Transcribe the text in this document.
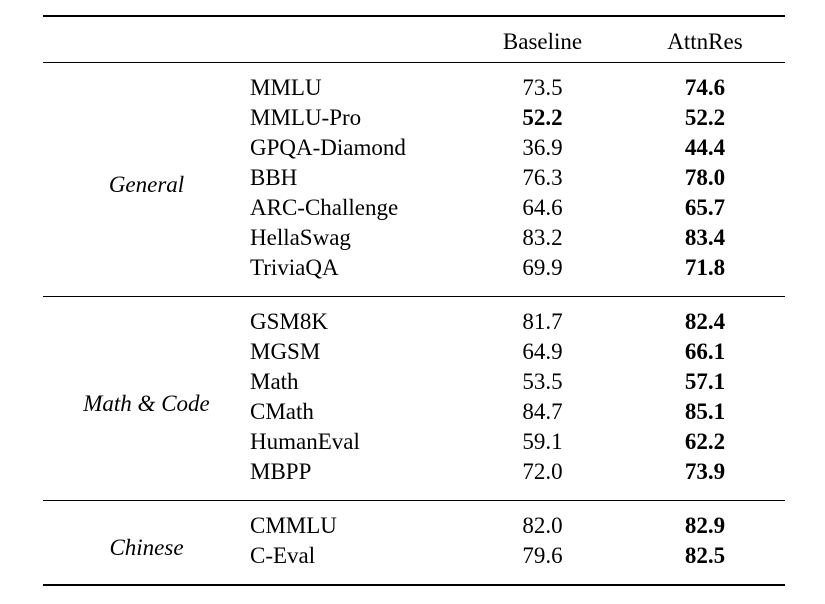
		Baseline	AttnRes
General	MMLU	73.5	74.6
	MMLU-Pro	52.2	52.2
	GPQA-Diamond	36.9	44.4
	BBH	76.3	78.0
	ARC-Challenge	64.6	65.7
	HellaSwag	83.2	83.4
	TriviaQA	69.9	71.8
Math & Code	GSM8K	81.7	82.4
	MGSM	64.9	66.1
	Math	53.5	57.1
	CMath	84.7	85.1
	HumanEval	59.1	62.2
	MBPP	72.0	73.9
Chinese	CMMLU	82.0	82.9
	C-Eval	79.6	82.5
